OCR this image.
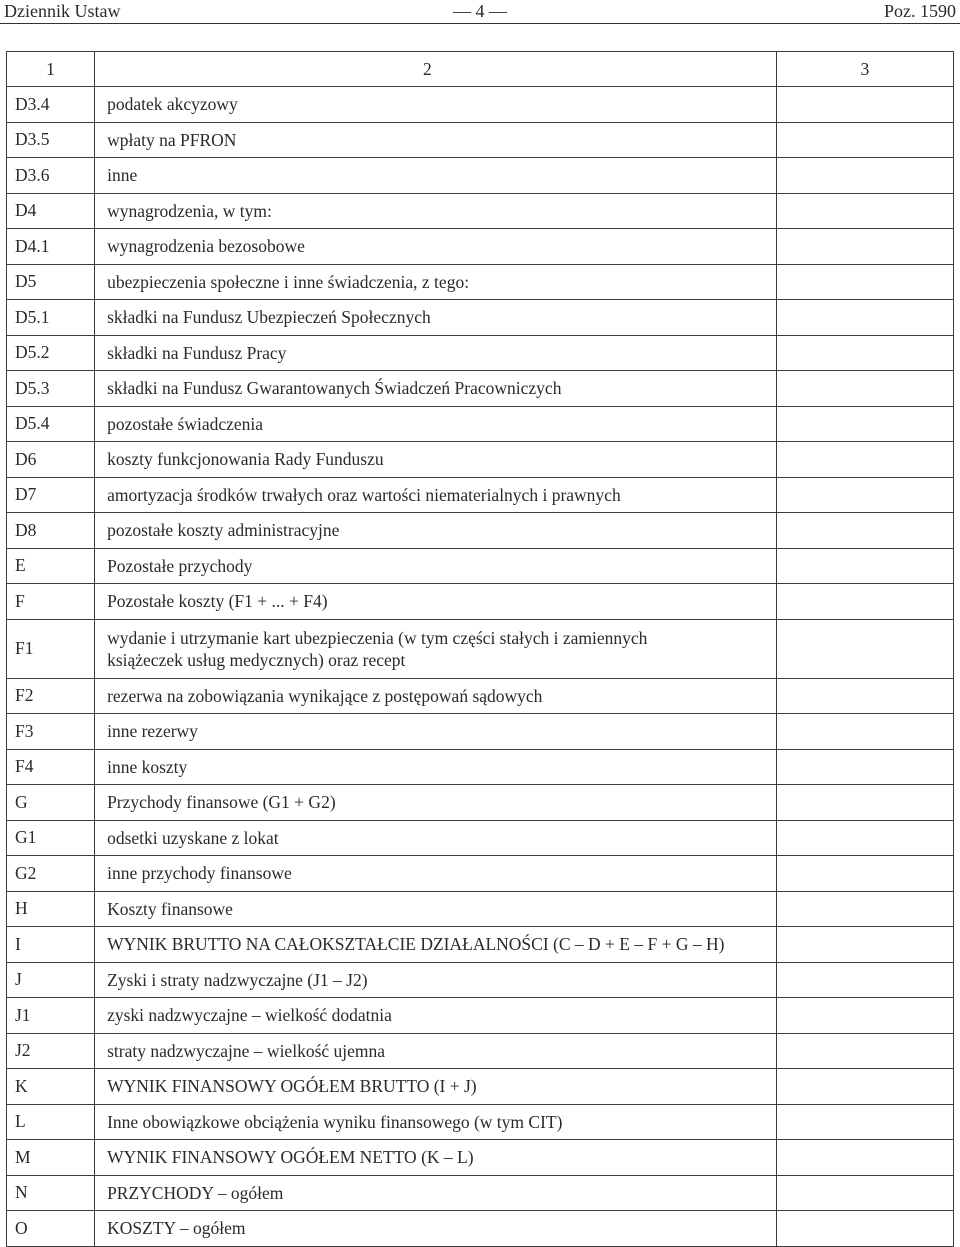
Dziennik Ustaw	— 4 —	Poz. 1590
1	2	3
D3.4	podatek akcyzowy	

D3.5	wpłaty na PFRON	

D3.6	inne	

D4	wynagrodzenia, w tym:	

D4.1	wynagrodzenia bezosobowe	

D5	ubezpieczenia społeczne i inne świadczenia, z tego:	

D5.1	składki na Fundusz Ubezpieczeń Społecznych	

D5.2	składki na Fundusz Pracy	

D5.3	składki na Fundusz Gwarantowanych Świadczeń Pracowniczych	

D5.4	pozostałe świadczenia	

D6	koszty funkcjonowania Rady Funduszu	

D7	amortyzacja środków trwałych oraz wartości niematerialnych i prawnych	

D8	pozostałe koszty administracyjne	

E	Pozostałe przychody	

F	Pozostałe koszty (F1 + ... + F4)	

F1	wydanie i utrzymanie kart ubezpieczenia (w tym części stałych i zamiennych
książeczek usług medycznych) oraz recept	

F2	rezerwa na zobowiązania wynikające z postępowań sądowych	

F3	inne rezerwy	

F4	inne koszty	

G	Przychody finansowe (G1 + G2)	

G1	odsetki uzyskane z lokat	

G2	inne przychody finansowe	

H	Koszty finansowe	

I	WYNIK BRUTTO NA CAŁOKSZTAŁCIE DZIAŁALNOŚCI (C – D + E – F + G – H)	

J	Zyski i straty nadzwyczajne (J1 – J2)	

J1	zyski nadzwyczajne – wielkość dodatnia	

J2	straty nadzwyczajne – wielkość ujemna	

K	WYNIK FINANSOWY OGÓŁEM BRUTTO (I + J)	

L	Inne obowiązkowe obciążenia wyniku finansowego (w tym CIT)	

M	WYNIK FINANSOWY OGÓŁEM NETTO (K – L)	

N	PRZYCHODY – ogółem	

O	KOSZTY – ogółem	
